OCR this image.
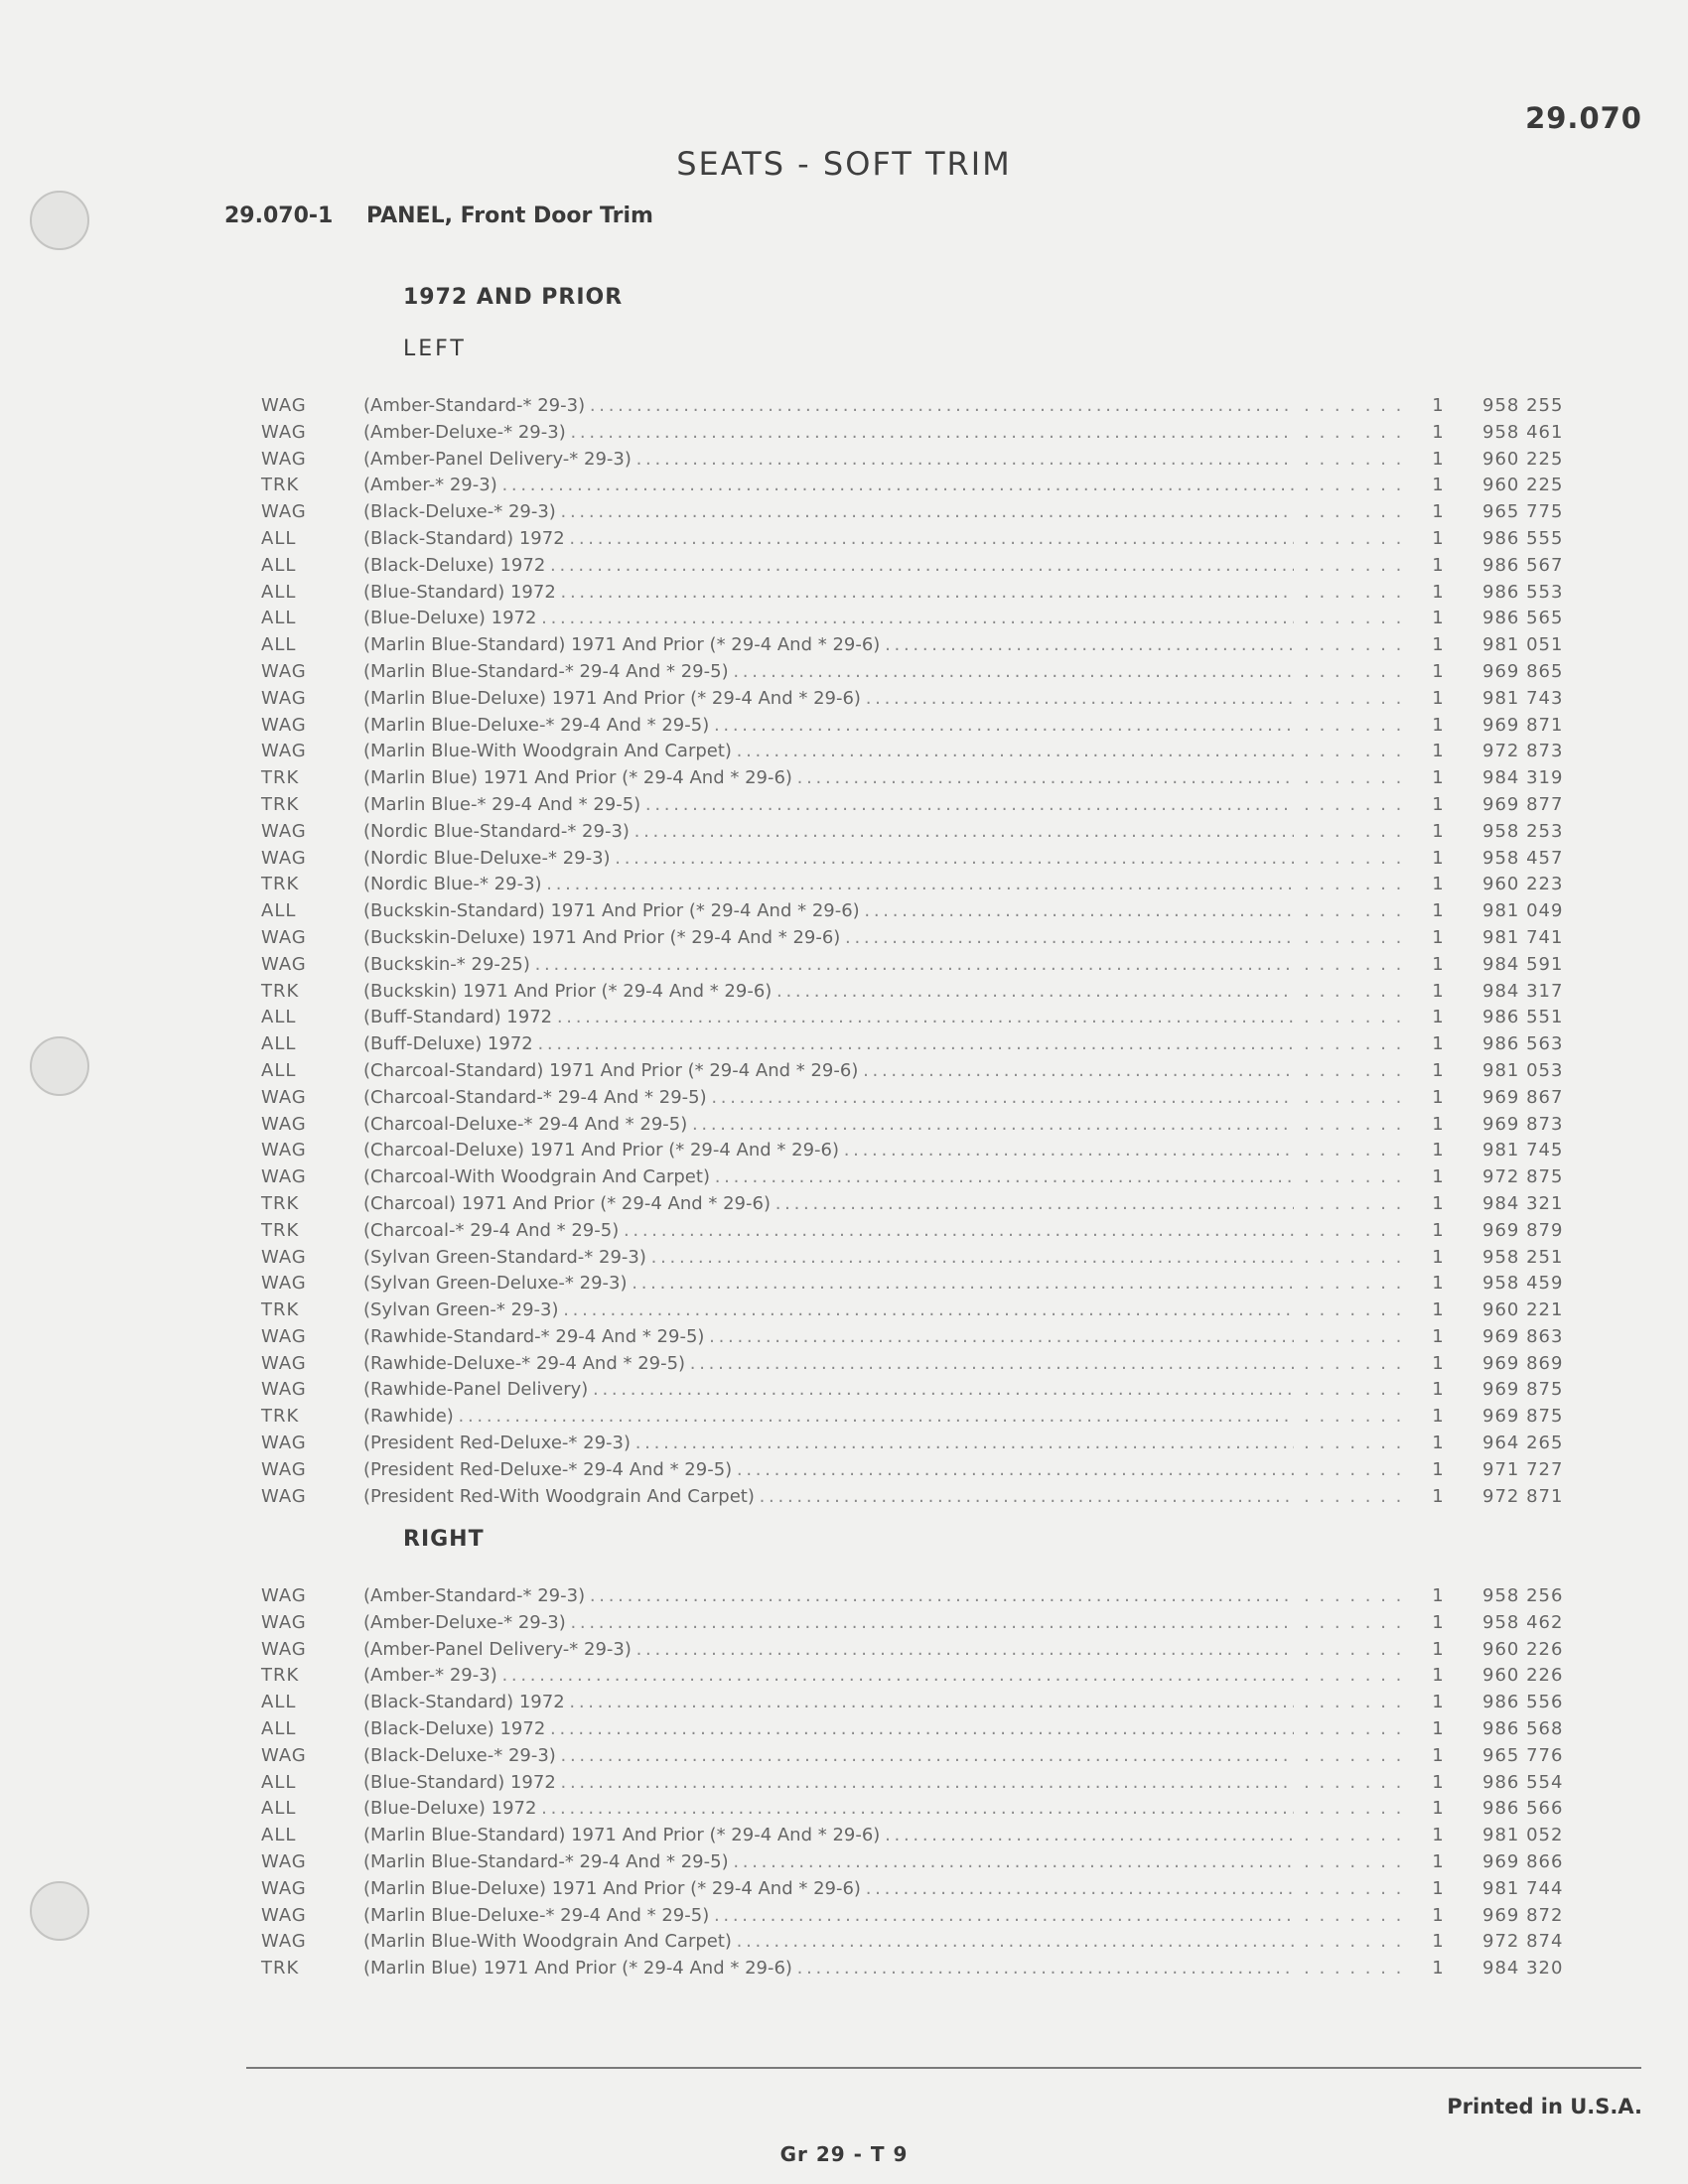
29.070
SEATS - SOFT TRIM
29.070-1 PANEL, Front Door Trim
1972 AND PRIOR
LEFT
WAG	(Amber-Standard-* 29-3) . . .	. . . . . . .	1	958 255
WAG	(Amber-Deluxe-* 29-3) . . .	. . . . . . .	1	958 461
WAG	(Amber-Panel Delivery-* 29-3) . . .	. . . . . . .	1	960 225
TRK	(Amber-* 29-3) . . .	. . . . . . .	1	960 225
WAG	(Black-Deluxe-* 29-3) . . .	. . . . . . .	1	965 775
ALL	(Black-Standard) 1972 . . .	. . . . . . .	1	986 555
ALL	(Black-Deluxe) 1972 . . .	. . . . . . .	1	986 567
ALL	(Blue-Standard) 1972 . . .	. . . . . . .	1	986 553
ALL	(Blue-Deluxe) 1972 . . .	. . . . . . .	1	986 565
ALL	(Marlin Blue-Standard) 1971 And Prior (* 29-4 And * 29-6) . . .	. . . . . . .	1	981 051
WAG	(Marlin Blue-Standard-* 29-4 And * 29-5) . . .	. . . . . . .	1	969 865
WAG	(Marlin Blue-Deluxe) 1971 And Prior (* 29-4 And * 29-6) . . .	. . . . . . .	1	981 743
WAG	(Marlin Blue-Deluxe-* 29-4 And * 29-5) . . .	. . . . . . .	1	969 871
WAG	(Marlin Blue-With Woodgrain And Carpet) . . .	. . . . . . .	1	972 873
TRK	(Marlin Blue) 1971 And Prior (* 29-4 And * 29-6) . . .	. . . . . . .	1	984 319
TRK	(Marlin Blue-* 29-4 And * 29-5) . . .	. . . . . . .	1	969 877
WAG	(Nordic Blue-Standard-* 29-3) . . .	. . . . . . .	1	958 253
WAG	(Nordic Blue-Deluxe-* 29-3) . . .	. . . . . . .	1	958 457
TRK	(Nordic Blue-* 29-3) . . .	. . . . . . .	1	960 223
ALL	(Buckskin-Standard) 1971 And Prior (* 29-4 And * 29-6) . . .	. . . . . . .	1	981 049
WAG	(Buckskin-Deluxe) 1971 And Prior (* 29-4 And * 29-6) . . .	. . . . . . .	1	981 741
WAG	(Buckskin-* 29-25) . . .	. . . . . . .	1	984 591
TRK	(Buckskin) 1971 And Prior (* 29-4 And * 29-6) . . .	. . . . . . .	1	984 317
ALL	(Buff-Standard) 1972 . . .	. . . . . . .	1	986 551
ALL	(Buff-Deluxe) 1972 . . .	. . . . . . .	1	986 563
ALL	(Charcoal-Standard) 1971 And Prior (* 29-4 And * 29-6) . . .	. . . . . . .	1	981 053
WAG	(Charcoal-Standard-* 29-4 And * 29-5) . . .	. . . . . . .	1	969 867
WAG	(Charcoal-Deluxe-* 29-4 And * 29-5) . . .	. . . . . . .	1	969 873
WAG	(Charcoal-Deluxe) 1971 And Prior (* 29-4 And * 29-6) . . .	. . . . . . .	1	981 745
WAG	(Charcoal-With Woodgrain And Carpet) . . .	. . . . . . .	1	972 875
TRK	(Charcoal) 1971 And Prior (* 29-4 And * 29-6) . . .	. . . . . . .	1	984 321
TRK	(Charcoal-* 29-4 And * 29-5) . . .	. . . . . . .	1	969 879
WAG	(Sylvan Green-Standard-* 29-3) . . .	. . . . . . .	1	958 251
WAG	(Sylvan Green-Deluxe-* 29-3) . . .	. . . . . . .	1	958 459
TRK	(Sylvan Green-* 29-3) . . .	. . . . . . .	1	960 221
WAG	(Rawhide-Standard-* 29-4 And * 29-5) . . .	. . . . . . .	1	969 863
WAG	(Rawhide-Deluxe-* 29-4 And * 29-5) . . .	. . . . . . .	1	969 869
WAG	(Rawhide-Panel Delivery) . . .	. . . . . . .	1	969 875
TRK	(Rawhide) . . .	. . . . . . .	1	969 875
WAG	(President Red-Deluxe-* 29-3) . . .	. . . . . . .	1	964 265
WAG	(President Red-Deluxe-* 29-4 And * 29-5) . . .	. . . . . . .	1	971 727
WAG	(President Red-With Woodgrain And Carpet) . . .	. . . . . . .	1	972 871
RIGHT
WAG	(Amber-Standard-* 29-3) . . .	. . . . . . .	1	958 256
WAG	(Amber-Deluxe-* 29-3) . . .	. . . . . . .	1	958 462
WAG	(Amber-Panel Delivery-* 29-3) . . .	. . . . . . .	1	960 226
TRK	(Amber-* 29-3) . . .	. . . . . . .	1	960 226
ALL	(Black-Standard) 1972 . . .	. . . . . . .	1	986 556
ALL	(Black-Deluxe) 1972 . . .	. . . . . . .	1	986 568
WAG	(Black-Deluxe-* 29-3) . . .	. . . . . . .	1	965 776
ALL	(Blue-Standard) 1972 . . .	. . . . . . .	1	986 554
ALL	(Blue-Deluxe) 1972 . . .	. . . . . . .	1	986 566
ALL	(Marlin Blue-Standard) 1971 And Prior (* 29-4 And * 29-6) . . .	. . . . . . .	1	981 052
WAG	(Marlin Blue-Standard-* 29-4 And * 29-5) . . .	. . . . . . .	1	969 866
WAG	(Marlin Blue-Deluxe) 1971 And Prior (* 29-4 And * 29-6) . . .	. . . . . . .	1	981 744
WAG	(Marlin Blue-Deluxe-* 29-4 And * 29-5) . . .	. . . . . . .	1	969 872
WAG	(Marlin Blue-With Woodgrain And Carpet) . . .	. . . . . . .	1	972 874
TRK	(Marlin Blue) 1971 And Prior (* 29-4 And * 29-6) . . .	. . . . . . .	1	984 320
Printed in U.S.A.
Gr 29 - T 9
